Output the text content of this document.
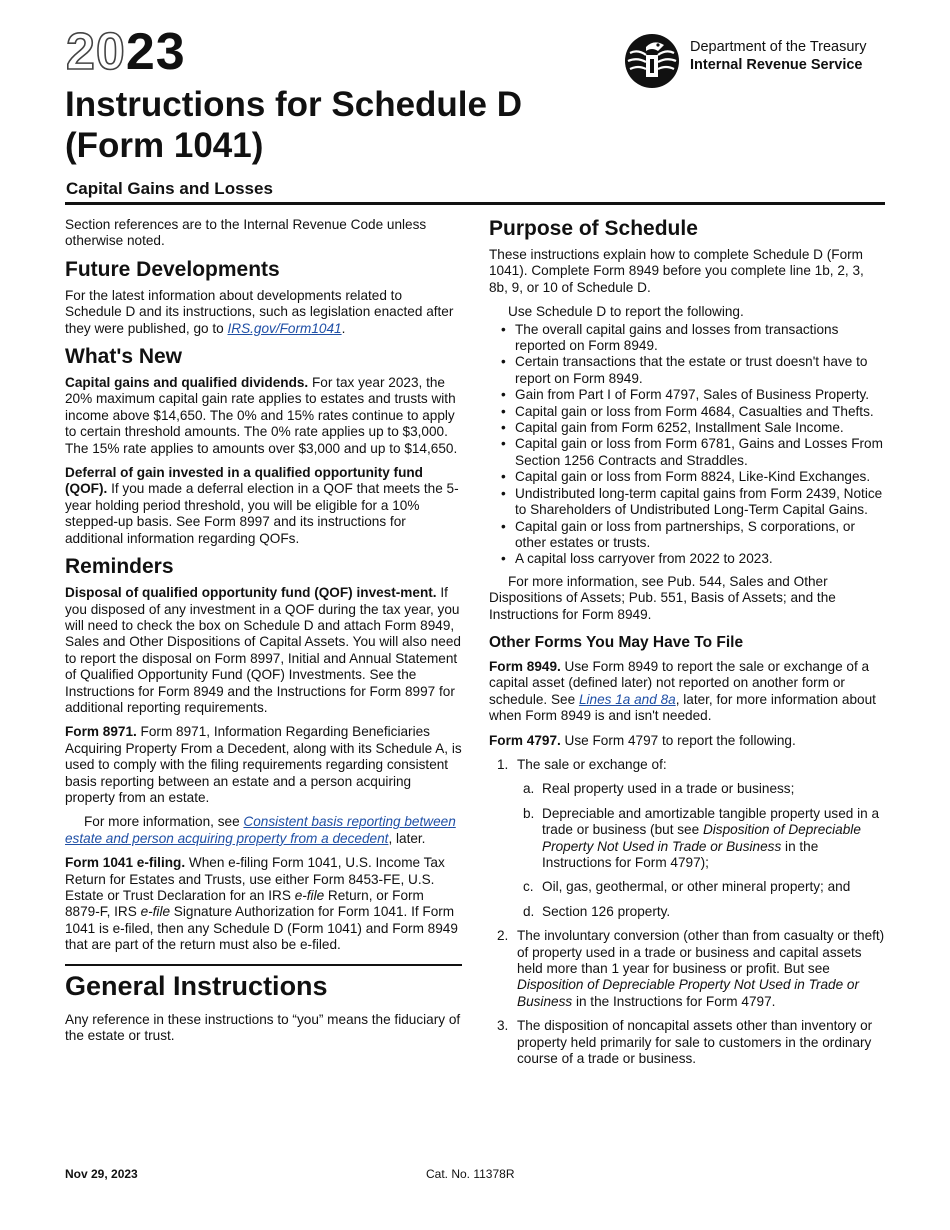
2023
Instructions for Schedule D
(Form 1041)
Capital Gains and Losses
Department of the Treasury
Internal Revenue Service

Section references are to the Internal Revenue Code unless otherwise noted.

Future Developments

For the latest information about developments related to Schedule D and its instructions, such as legislation enacted after they were published, go to IRS.gov/Form1041.

What's New

Capital gains and qualified dividends. For tax year 2023, the 20% maximum capital gain rate applies to estates and trusts with income above $14,650. The 0% and 15% rates continue to apply to certain threshold amounts. The 0% rate applies up to $3,000. The 15% rate applies to amounts over $3,000 and up to $14,650.

Deferral of gain invested in a qualified opportunity fund (QOF). If you made a deferral election in a QOF that meets the 5-year holding period threshold, you will be eligible for a 10% stepped-up basis. See Form 8997 and its instructions for additional information regarding QOFs.

Reminders

Disposal of qualified opportunity fund (QOF) invest-ment. If you disposed of any investment in a QOF during the tax year, you will need to check the box on Schedule D and attach Form 8949, Sales and Other Dispositions of Capital Assets. You will also need to report the disposal on Form 8997, Initial and Annual Statement of Qualified Opportunity Fund (QOF) Investments. See the Instructions for Form 8949 and the Instructions for Form 8997 for additional reporting requirements.

Form 8971. Form 8971, Information Regarding Beneficiaries Acquiring Property From a Decedent, along with its Schedule A, is used to comply with the filing requirements regarding consistent basis reporting between an estate and a person acquiring property from an estate.

For more information, see Consistent basis reporting between estate and person acquiring property from a decedent, later.

Form 1041 e-filing. When e-filing Form 1041, U.S. Income Tax Return for Estates and Trusts, use either Form 8453-FE, U.S. Estate or Trust Declaration for an IRS e-file Return, or Form 8879-F, IRS e-file Signature Authorization for Form 1041. If Form 1041 is e-filed, then any Schedule D (Form 1041) and Form 8949 that are part of the return must also be e-filed.

General Instructions

Any reference in these instructions to “you” means the fiduciary of the estate or trust.

Purpose of Schedule

These instructions explain how to complete Schedule D (Form 1041). Complete Form 8949 before you complete line 1b, 2, 3, 8b, 9, or 10 of Schedule D.

Use Schedule D to report the following.

• The overall capital gains and losses from transactions reported on Form 8949.
• Certain transactions that the estate or trust doesn't have to report on Form 8949.
• Gain from Part I of Form 4797, Sales of Business Property.
• Capital gain or loss from Form 4684, Casualties and Thefts.
• Capital gain from Form 6252, Installment Sale Income.
• Capital gain or loss from Form 6781, Gains and Losses From Section 1256 Contracts and Straddles.
• Capital gain or loss from Form 8824, Like-Kind Exchanges.
• Undistributed long-term capital gains from Form 2439, Notice to Shareholders of Undistributed Long-Term Capital Gains.
• Capital gain or loss from partnerships, S corporations, or other estates or trusts.
• A capital loss carryover from 2022 to 2023.

For more information, see Pub. 544, Sales and Other Dispositions of Assets; Pub. 551, Basis of Assets; and the Instructions for Form 8949.

Other Forms You May Have To File

Form 8949. Use Form 8949 to report the sale or exchange of a capital asset (defined later) not reported on another form or schedule. See Lines 1a and 8a, later, for more information about when Form 8949 is and isn't needed.

Form 4797. Use Form 4797 to report the following.

1. The sale or exchange of:
a. Real property used in a trade or business;
b. Depreciable and amortizable tangible property used in a trade or business (but see Disposition of Depreciable Property Not Used in Trade or Business in the Instructions for Form 4797);
c. Oil, gas, geothermal, or other mineral property; and
d. Section 126 property.
2. The involuntary conversion (other than from casualty or theft) of property used in a trade or business and capital assets held more than 1 year for business or profit. But see Disposition of Depreciable Property Not Used in Trade or Business in the Instructions for Form 4797.
3. The disposition of noncapital assets other than inventory or property held primarily for sale to customers in the ordinary course of a trade or business.
Nov 29, 2023	Cat. No. 11378R
